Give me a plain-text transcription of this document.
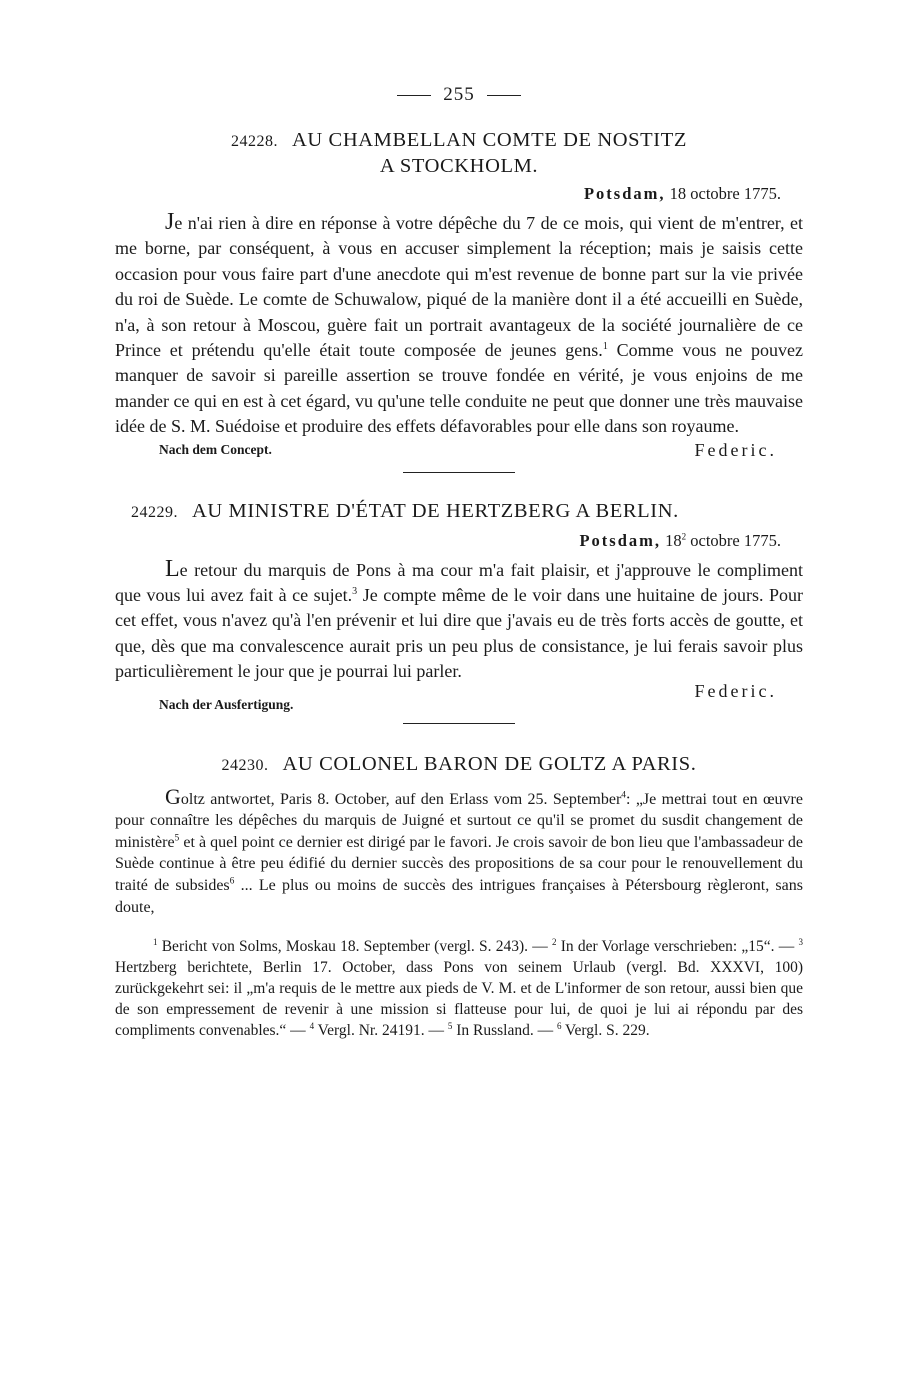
255
24228. AU CHAMBELLAN COMTE DE NOSTITZ
A STOCKHOLM.
Potsdam, 18 octobre 1775.

Je n'ai rien à dire en réponse à votre dépêche du 7 de ce mois, qui vient de m'entrer, et me borne, par conséquent, à vous en accuser simplement la réception; mais je saisis cette occasion pour vous faire part d'une anecdote qui m'est revenue de bonne part sur la vie privée du roi de Suède. Le comte de Schuwalow, piqué de la manière dont il a été accueilli en Suède, n'a, à son retour à Moscou, guère fait un portrait avantageux de la société journalière de ce Prince et prétendu qu'elle était toute composée de jeunes gens.$^1$ Comme vous ne pouvez manquer de savoir si pareille assertion se trouve fondée en vérité, je vous enjoins de me mander ce qui en est à cet égard, vu qu'une telle conduite ne peut que donner une très mauvaise idée de S. M. Suédoise et produire des effets défavorables pour elle dans son royaume.

Nach dem Concept.	Federic.
24229. AU MINISTRE D'ÉTAT DE HERTZBERG A BERLIN.
Potsdam, $18^2$ octobre 1775.

Le retour du marquis de Pons à ma cour m'a fait plaisir, et j'approuve le compliment que vous lui avez fait à ce sujet.$^3$ Je compte même de le voir dans une huitaine de jours. Pour cet effet, vous n'avez qu'à l'en prévenir et lui dire que j'avais eu de très forts accès de goutte, et que, dès que ma convalescence aurait pris un peu plus de consistance, je lui ferais savoir plus particulièrement le jour que je pourrai lui parler.

Nach der Ausfertigung.
Federic.
24230. AU COLONEL BARON DE GOLTZ A PARIS.

Goltz antwortet, Paris 8. October, auf den Erlass vom 25. September$^4$: „Je mettrai tout en œuvre pour connaître les dépêches du marquis de Juigné et surtout ce qu'il se promet du susdit changement de ministère$^5$ et à quel point ce dernier est dirigé par le favori. Je crois savoir de bon lieu que l'ambassadeur de Suède continue à être peu édifié du dernier succès des propositions de sa cour pour le renouvellement du traité de subsides$^6$ ... Le plus ou moins de succès des intrigues françaises à Pétersbourg règleront, sans doute,

$^1$ Bericht von Solms, Moskau 18. September (vergl. S. 243). — $^2$ In der Vorlage verschrieben: „15“. — $^3$ Hertzberg berichtete, Berlin 17. October, dass Pons von seinem Urlaub (vergl. Bd. XXXVI, 100) zurückgekehrt sei: il „m'a requis de le mettre aux pieds de V. M. et de L'informer de son retour, aussi bien que de son empressement de revenir à une mission si flatteuse pour lui, de quoi je lui ai répondu par des compliments convenables.“ — $^4$ Vergl. Nr. 24191. — $^5$ In Russland. — $^6$ Vergl. S. 229.
